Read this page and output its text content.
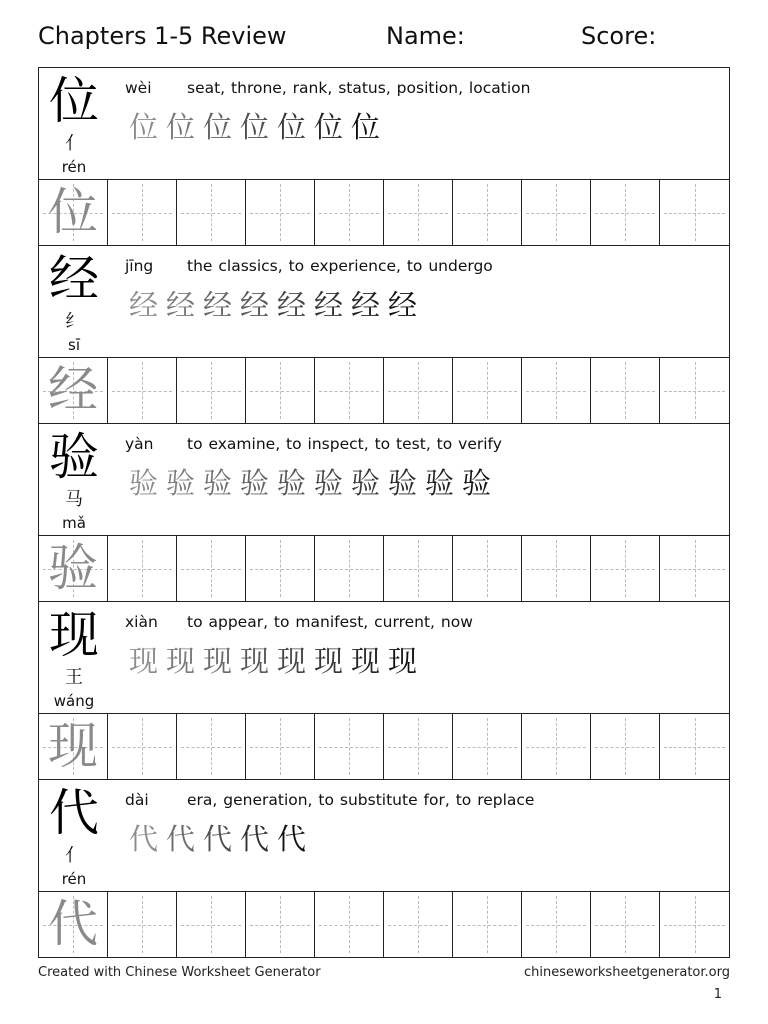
Chapters 1-5 Review	Name:	Score:
位
亻
rén
wèi seat, throne, rank, status, position, location
位 位 位 位 位 位 位
位
经
纟
sī
jīng the classics, to experience, to undergo
经 经 经 经 经 经 经 经
经
验
马
mǎ
yàn to examine, to inspect, to test, to verify
验 验 验 验 验 验 验 验 验 验
验
现
王
wáng
xiàn to appear, to manifest, current, now
现 现 现 现 现 现 现 现
现
代
亻
rén
dài era, generation, to substitute for, to replace
代 代 代 代 代
代
Created with Chinese Worksheet Generator	chineseworksheetgenerator.org
1
